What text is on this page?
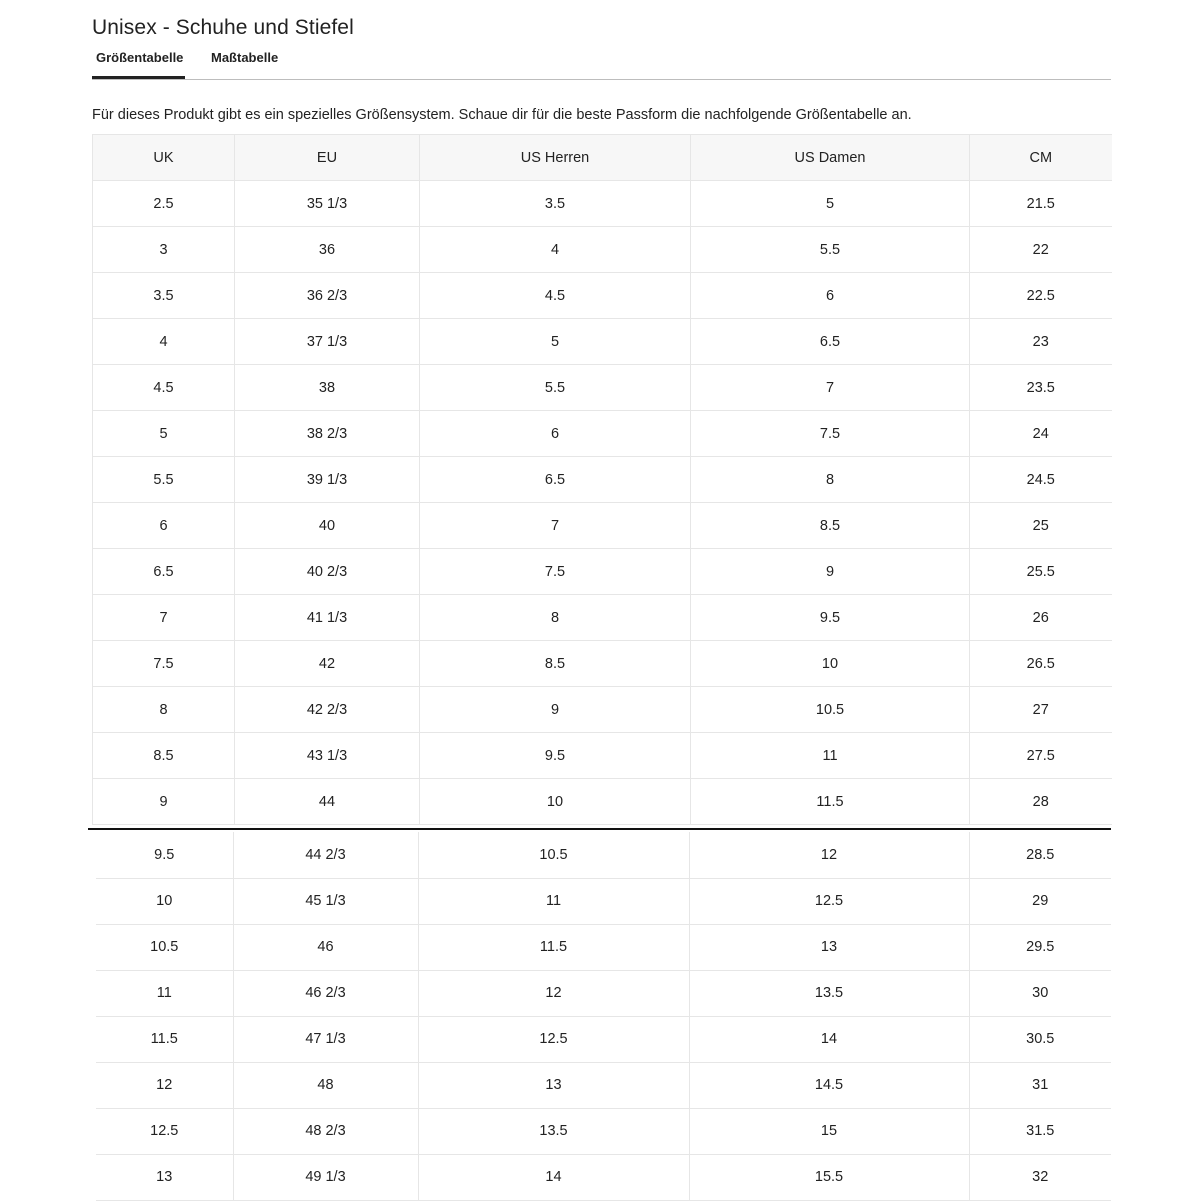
Unisex - Schuhe und Stiefel
Größentabelle Maßtabelle

Für dieses Produkt gibt es ein spezielles Größensystem. Schaue dir für die beste Passform die nachfolgende Größentabelle an.

UK	EU	US Herren	US Damen	CM
2.5	35 1/3	3.5	5	21.5
3	36	4	5.5	22
3.5	36 2/3	4.5	6	22.5
4	37 1/3	5	6.5	23
4.5	38	5.5	7	23.5
5	38 2/3	6	7.5	24
5.5	39 1/3	6.5	8	24.5
6	40	7	8.5	25
6.5	40 2/3	7.5	9	25.5
7	41 1/3	8	9.5	26
7.5	42	8.5	10	26.5
8	42 2/3	9	10.5	27
8.5	43 1/3	9.5	11	27.5
9	44	10	11.5	28
9.5	44 2/3	10.5	12	28.5
10	45 1/3	11	12.5	29
10.5	46	11.5	13	29.5
11	46 2/3	12	13.5	30
11.5	47 1/3	12.5	14	30.5
12	48	13	14.5	31
12.5	48 2/3	13.5	15	31.5
13	49 1/3	14	15.5	32
